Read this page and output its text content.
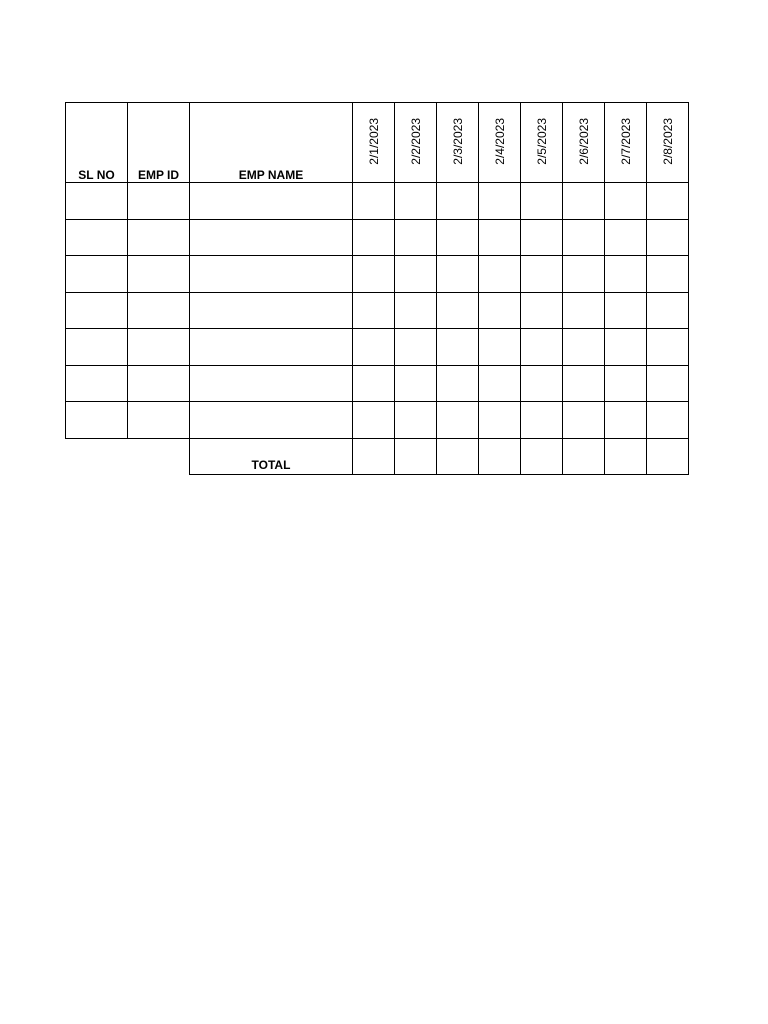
SL NO	EMP ID	EMP NAME	2/1/2023	2/2/2023	2/3/2023	2/4/2023	2/5/2023	2/6/2023	2/7/2023	2/8/2023

		TOTAL								
